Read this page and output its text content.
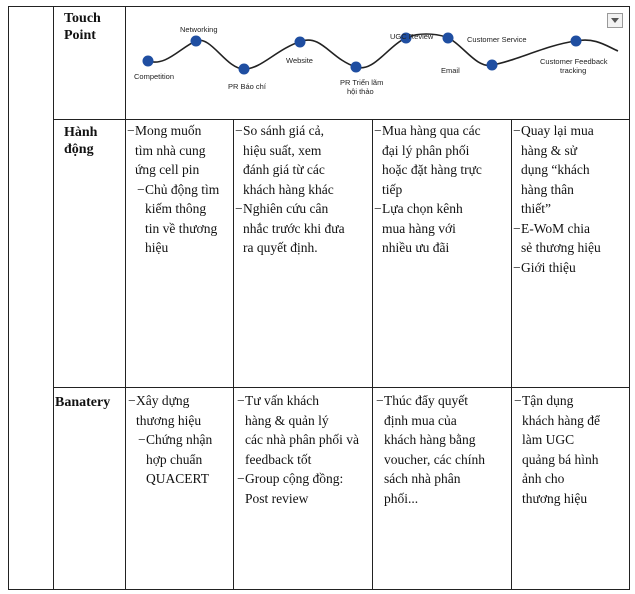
Touch
Point
Hành
động
Banatery
Competition
Networking
PR Báo chí
Website
PR Triển lãm
hội thảo
UGC Review
Email
Customer Service
Customer Feedback
tracking
− Mong muốn
tìm nhà cung
ứng cell pin
− Chủ động tìm
kiếm thông
tin về thương
hiệu
− So sánh giá cả,
hiệu suất, xem
đánh giá từ các
khách hàng khác
− Nghiên cứu cân
nhắc trước khi đưa
ra quyết định.
− Mua hàng qua các
đại lý phân phối
hoặc đặt hàng trực
tiếp
− Lựa chọn kênh
mua hàng với
nhiều ưu đãi
− Quay lại mua
hàng & sử
dụng “khách
hàng thân
thiết”
− E-WoM chia
sẻ thương hiệu
− Giới thiệu
− Xây dựng
thương hiệu
− Chứng nhận
hợp chuẩn
QUACERT
− Tư vấn khách
hàng & quản lý
các nhà phân phối và
feedback tốt
− Group cộng đồng:
Post review
− Thúc đẩy quyết
định mua của
khách hàng bằng
voucher, các chính
sách nhà phân
phối...
− Tận dụng
khách hàng để
làm UGC
quảng bá hình
ảnh cho
thương hiệu
